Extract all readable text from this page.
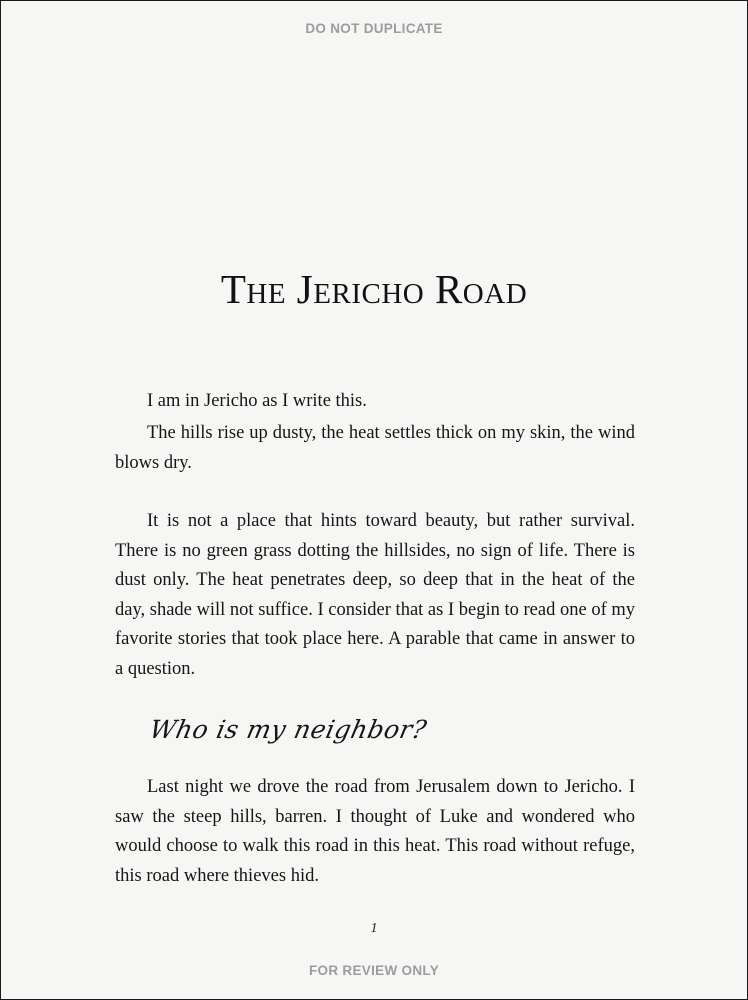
DO NOT DUPLICATE
The Jericho Road

I am in Jericho as I write this.

The hills rise up dusty, the heat settles thick on my skin, the wind blows dry.

It is not a place that hints toward beauty, but rather survival. There is no green grass dotting the hillsides, no sign of life. There is dust only. The heat penetrates deep, so deep that in the heat of the day, shade will not suffice. I consider that as I begin to read one of my favorite stories that took place here. A parable that came in answer to a question.

Who is my neighbor?

Last night we drove the road from Jerusalem down to Jericho. I saw the steep hills, barren. I thought of Luke and wondered who would choose to walk this road in this heat. This road without refuge, this road where thieves hid.

1
FOR REVIEW ONLY
